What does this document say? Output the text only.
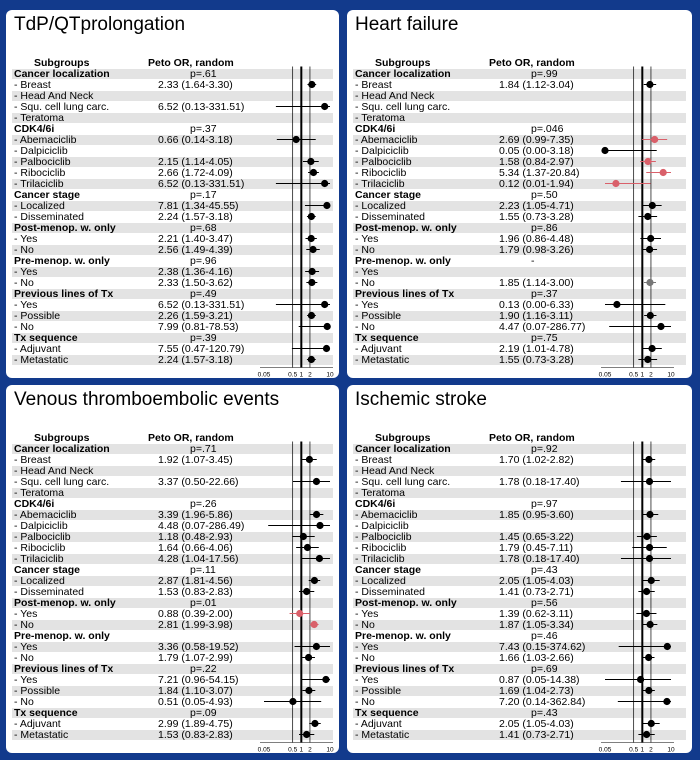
TdP/QTprolongation
Subgroups	Peto OR, random
Cancer localization	p=.61
- Breast	2.33 (1.64-3.30)
- Head And Neck
- Squ. cell lung carc.	6.52 (0.13-331.51)
- Teratoma
CDK4/6i	p=.37
- Abemaciclib	0.66 (0.14-3.18)
- Dalpiciclib
- Palbociclib	2.15 (1.14-4.05)
- Ribociclib	2.66 (1.72-4.09)
- Trilaciclib	6.52 (0.13-331.51)
Cancer stage	p=.17
- Localized	7.81 (1.34-45.55)
- Disseminated	2.24 (1.57-3.18)
Post-menop. w. only	p=.68
- Yes	2.21 (1.40-3.47)
- No	2.56 (1.49-4.39)
Pre-menop. w. only	p=.96
- Yes	2.38 (1.36-4.16)
- No	2.33 (1.50-3.62)
Previous lines of Tx	p=.49
- Yes	6.52 (0.13-331.51)
- Possible	2.26 (1.59-3.21)
- No	7.99 (0.81-78.53)
Tx sequence	p=.39
- Adjuvant	7.55 (0.47-120.79)
- Metastatic	2.24 (1.57-3.18)
0.05	0.5 1 2 10
Heart failure
Subgroups	Peto OR, random
Cancer localization	p=.99
- Breast	1.84 (1.12-3.04)
- Head And Neck
- Squ. cell lung carc.
- Teratoma
CDK4/6i	p=.046
- Abemaciclib	2.69 (0.99-7.35)
- Dalpiciclib	0.05 (0.00-3.18)
- Palbociclib	1.58 (0.84-2.97)
- Ribociclib	5.34 (1.37-20.84)
- Trilaciclib	0.12 (0.01-1.94)
Cancer stage	p=.50
- Localized	2.23 (1.05-4.71)
- Disseminated	1.55 (0.73-3.28)
Post-menop. w. only	p=.86
- Yes	1.96 (0.86-4.48)
- No	1.79 (0.98-3.26)
Pre-menop. w. only	-
- Yes
- No	1.85 (1.14-3.00)
Previous lines of Tx	p=.37
- Yes	0.13 (0.00-6.33)
- Possible	1.90 (1.16-3.11)
- No	4.47 (0.07-286.77)
Tx sequence	p=.75
- Adjuvant	2.19 (1.01-4.78)
- Metastatic	1.55 (0.73-3.28)
0.05	0.5 1 2 10
Venous thromboembolic events
Subgroups	Peto OR, random
Cancer localization	p=.71
- Breast	1.92 (1.07-3.45)
- Head And Neck
- Squ. cell lung carc.	3.37 (0.50-22.66)
- Teratoma
CDK4/6i	p=.26
- Abemaciclib	3.39 (1.96-5.86)
- Dalpiciclib	4.48 (0.07-286.49)
- Palbociclib	1.18 (0.48-2.93)
- Ribociclib	1.64 (0.66-4.06)
- Trilaciclib	4.28 (1.04-17.56)
Cancer stage	p=.11
- Localized	2.87 (1.81-4.56)
- Disseminated	1.53 (0.83-2.83)
Post-menop. w. only	p=.01
- Yes	0.88 (0.39-2.00)
- No	2.81 (1.99-3.98)
Pre-menop. w. only
- Yes	3.36 (0.58-19.52)
- No	1.79 (1.07-2.99)
Previous lines of Tx	p=.22
- Yes	7.21 (0.96-54.15)
- Possible	1.84 (1.10-3.07)
- No	0.51 (0.05-4.93)
Tx sequence	p=.09
- Adjuvant	2.99 (1.89-4.75)
- Metastatic	1.53 (0.83-2.83)
0.05	0.5 1 2 10
Ischemic stroke
Subgroups	Peto OR, random
Cancer localization	p=.92
- Breast	1.70 (1.02-2.82)
- Head And Neck
- Squ. cell lung carc.	1.78 (0.18-17.40)
- Teratoma
CDK4/6i	p=.97
- Abemaciclib	1.85 (0.95-3.60)
- Dalpiciclib
- Palbociclib	1.45 (0.65-3.22)
- Ribociclib	1.79 (0.45-7.11)
- Trilaciclib	1.78 (0.18-17.40)
Cancer stage	p=.43
- Localized	2.05 (1.05-4.03)
- Disseminated	1.41 (0.73-2.71)
Post-menop. w. only	p=.56
- Yes	1.39 (0.62-3.11)
- No	1.87 (1.05-3.34)
Pre-menop. w. only	p=.46
- Yes	7.43 (0.15-374.62)
- No	1.66 (1.03-2.66)
Previous lines of Tx	p=.69
- Yes	0.87 (0.05-14.38)
- Possible	1.69 (1.04-2.73)
- No	7.20 (0.14-362.84)
Tx sequence	p=.43
- Adjuvant	2.05 (1.05-4.03)
- Metastatic	1.41 (0.73-2.71)
0.05	0.5 1 2 10
